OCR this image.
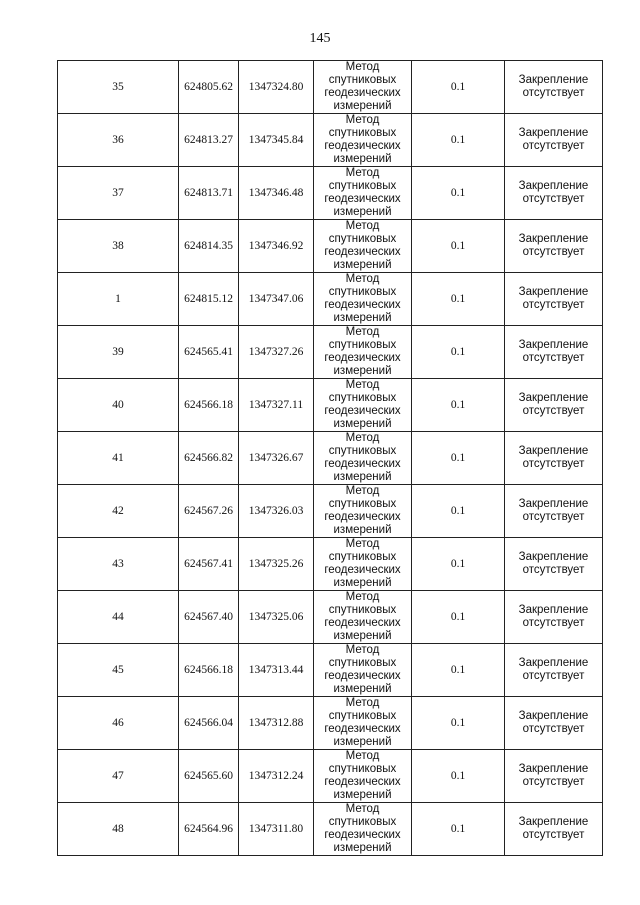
145
35	624805.62	1347324.80	Метод
спутниковых
геодезических
измерений	0.1	Закрепление
отсутствует

36	624813.27	1347345.84	Метод
спутниковых
геодезических
измерений	0.1	Закрепление
отсутствует

37	624813.71	1347346.48	Метод
спутниковых
геодезических
измерений	0.1	Закрепление
отсутствует

38	624814.35	1347346.92	Метод
спутниковых
геодезических
измерений	0.1	Закрепление
отсутствует

1	624815.12	1347347.06	Метод
спутниковых
геодезических
измерений	0.1	Закрепление
отсутствует

39	624565.41	1347327.26	Метод
спутниковых
геодезических
измерений	0.1	Закрепление
отсутствует

40	624566.18	1347327.11	Метод
спутниковых
геодезических
измерений	0.1	Закрепление
отсутствует

41	624566.82	1347326.67	Метод
спутниковых
геодезических
измерений	0.1	Закрепление
отсутствует

42	624567.26	1347326.03	Метод
спутниковых
геодезических
измерений	0.1	Закрепление
отсутствует

43	624567.41	1347325.26	Метод
спутниковых
геодезических
измерений	0.1	Закрепление
отсутствует

44	624567.40	1347325.06	Метод
спутниковых
геодезических
измерений	0.1	Закрепление
отсутствует

45	624566.18	1347313.44	Метод
спутниковых
геодезических
измерений	0.1	Закрепление
отсутствует

46	624566.04	1347312.88	Метод
спутниковых
геодезических
измерений	0.1	Закрепление
отсутствует

47	624565.60	1347312.24	Метод
спутниковых
геодезических
измерений	0.1	Закрепление
отсутствует

48	624564.96	1347311.80	Метод
спутниковых
геодезических
измерений	0.1	Закрепление
отсутствует
